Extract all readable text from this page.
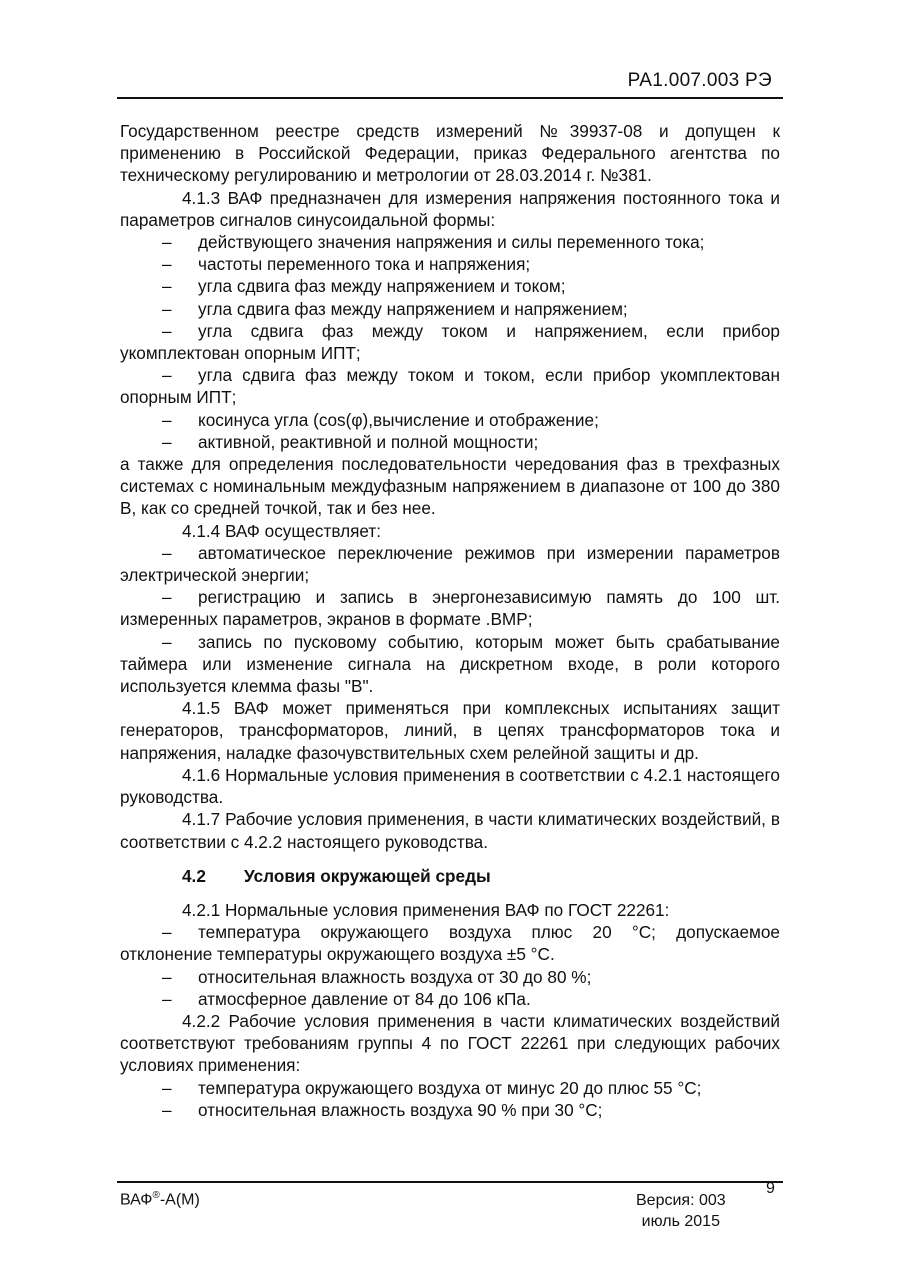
РА1.007.003 РЭ

Государственном реестре средств измерений №39937-08 и допущен к применению в Российской Федерации, приказ Федерального агентства по техническому регулированию и метрологии от 28.03.2014 г. №381.

4.1.3 ВАФ предназначен для измерения напряжения постоянного тока и параметров сигналов синусоидальной формы:

– действующего значения напряжения и силы переменного тока;

– частоты переменного тока и напряжения;

– угла сдвига фаз между напряжением и током;

– угла сдвига фаз между напряжением и напряжением;

– угла сдвига фаз между током и напряжением, если прибор укомплектован опорным ИПТ;

– угла сдвига фаз между током и током, если прибор укомплектован опорным ИПТ;

– косинуса угла (cos(φ),вычисление и отображение;

– активной, реактивной и полной мощности;

а также для определения последовательности чередования фаз в трехфазных системах с номинальным междуфазным напряжением в диапазоне от 100 до 380 В, как со средней точкой, так и без нее.

4.1.4 ВАФ осуществляет:

– автоматическое переключение режимов при измерении параметров электрической энергии;

– регистрацию и запись в энергонезависимую память до 100 шт. измеренных параметров, экранов в формате .BMP;

– запись по пусковому событию, которым может быть срабатывание таймера или изменение сигнала на дискретном входе, в роли которого используется клемма фазы "В".

4.1.5 ВАФ может применяться при комплексных испытаниях защит генераторов, трансформаторов, линий, в цепях трансформаторов тока и напряжения, наладке фазочувствительных схем релейной защиты и др.

4.1.6 Нормальные условия применения в соответствии с 4.2.1 настоящего руководства.

4.1.7 Рабочие условия применения, в части климатических воздействий, в соответствии с 4.2.2 настоящего руководства.

4.2 Условия окружающей среды

4.2.1 Нормальные условия применения ВАФ по ГОСТ 22261:

– температура окружающего воздуха плюс 20 °С; допускаемое отклонение температуры окружающего воздуха ±5 °С.

– относительная влажность воздуха от 30 до 80 %;

– атмосферное давление от 84 до 106 кПа.

4.2.2 Рабочие условия применения в части климатических воздействий соответствуют требованиям группы 4 по ГОСТ 22261 при следующих рабочих условиях применения:

– температура окружающего воздуха от минус 20 до плюс 55 °С;

– относительная влажность воздуха 90 % при 30 °С;

ВАФ®-А(М)	Версия: 003
июль 2015
9
